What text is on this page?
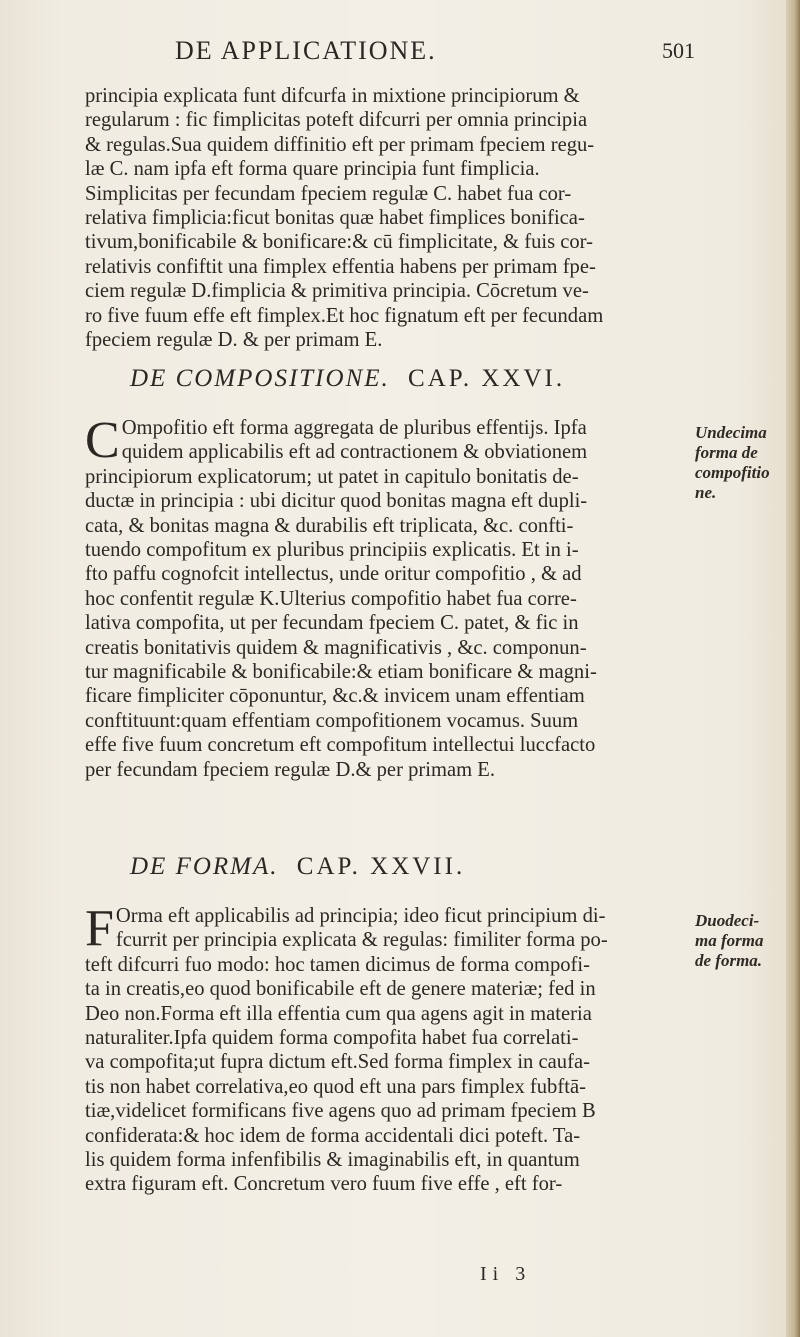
DE APPLICATIONE.	501

principia explicata funt difcurfa in mixtione principiorum &
regularum : fic fimplicitas poteft difcurri per omnia principia
& regulas.Sua quidem diffinitio eft per primam fpeciem regu-
læ C. nam ipfa eft forma quare principia funt fimplicia.
Simplicitas per fecundam fpeciem regulæ C. habet fua cor-
relativa fimplicia:ficut bonitas quæ habet fimplices bonifica-
tivum,bonificabile & bonificare:& cū fimplicitate, & fuis cor-
relativis confiftit una fimplex effentia habens per primam fpe-
ciem regulæ D.fimplicia & primitiva principia. Cōcretum ve-
ro five fuum effe eft fimplex.Et hoc fignatum eft per fecundam
fpeciem regulæ D. & per primam E.

DE COMPOSITIONE. CAP. XXVI.

C Ompofitio eft forma aggregata de pluribus effentijs. Ipfa
quidem applicabilis eft ad contractionem & obviationem
principiorum explicatorum; ut patet in capitulo bonitatis de-
ductæ in principia : ubi dicitur quod bonitas magna eft dupli-
cata, & bonitas magna & durabilis eft triplicata, &c. confti-
tuendo compofitum ex pluribus principiis explicatis. Et in i-
fto paffu cognofcit intellectus, unde oritur compofitio , & ad
hoc confentit regulæ K.Ulterius compofitio habet fua corre-
lativa compofita, ut per fecundam fpeciem C. patet, & fic in
creatis bonitativis quidem & magnificativis , &c. componun-
tur magnificabile & bonificabile:& etiam bonificare & magni-
ficare fimpliciter cōponuntur, &c.& invicem unam effentiam
conftituunt:quam effentiam compofitionem vocamus. Suum
effe five fuum concretum eft compofitum intellectui luccfacto
per fecundam fpeciem regulæ D.& per primam E.

Undecima
forma de
compofitio
ne.
DE FORMA. CAP. XXVII.

F Orma eft applicabilis ad principia; ideo ficut principium di-
fcurrit per principia explicata & regulas: fimiliter forma po-
teft difcurri fuo modo: hoc tamen dicimus de forma compofi-
ta in creatis,eo quod bonificabile eft de genere materiæ; fed in
Deo non.Forma eft illa effentia cum qua agens agit in materia
naturaliter.Ipfa quidem forma compofita habet fua correlati-
va compofita;ut fupra dictum eft.Sed forma fimplex in caufa-
tis non habet correlativa,eo quod eft una pars fimplex fubftā-
tiæ,videlicet formificans five agens quo ad primam fpeciem B
confiderata:& hoc idem de forma accidentali dici poteft. Ta-
lis quidem forma infenfibilis & imaginabilis eft, in quantum
extra figuram eft. Concretum vero fuum five effe , eft for-

Duodeci-
ma forma
de forma.
Ii 3
